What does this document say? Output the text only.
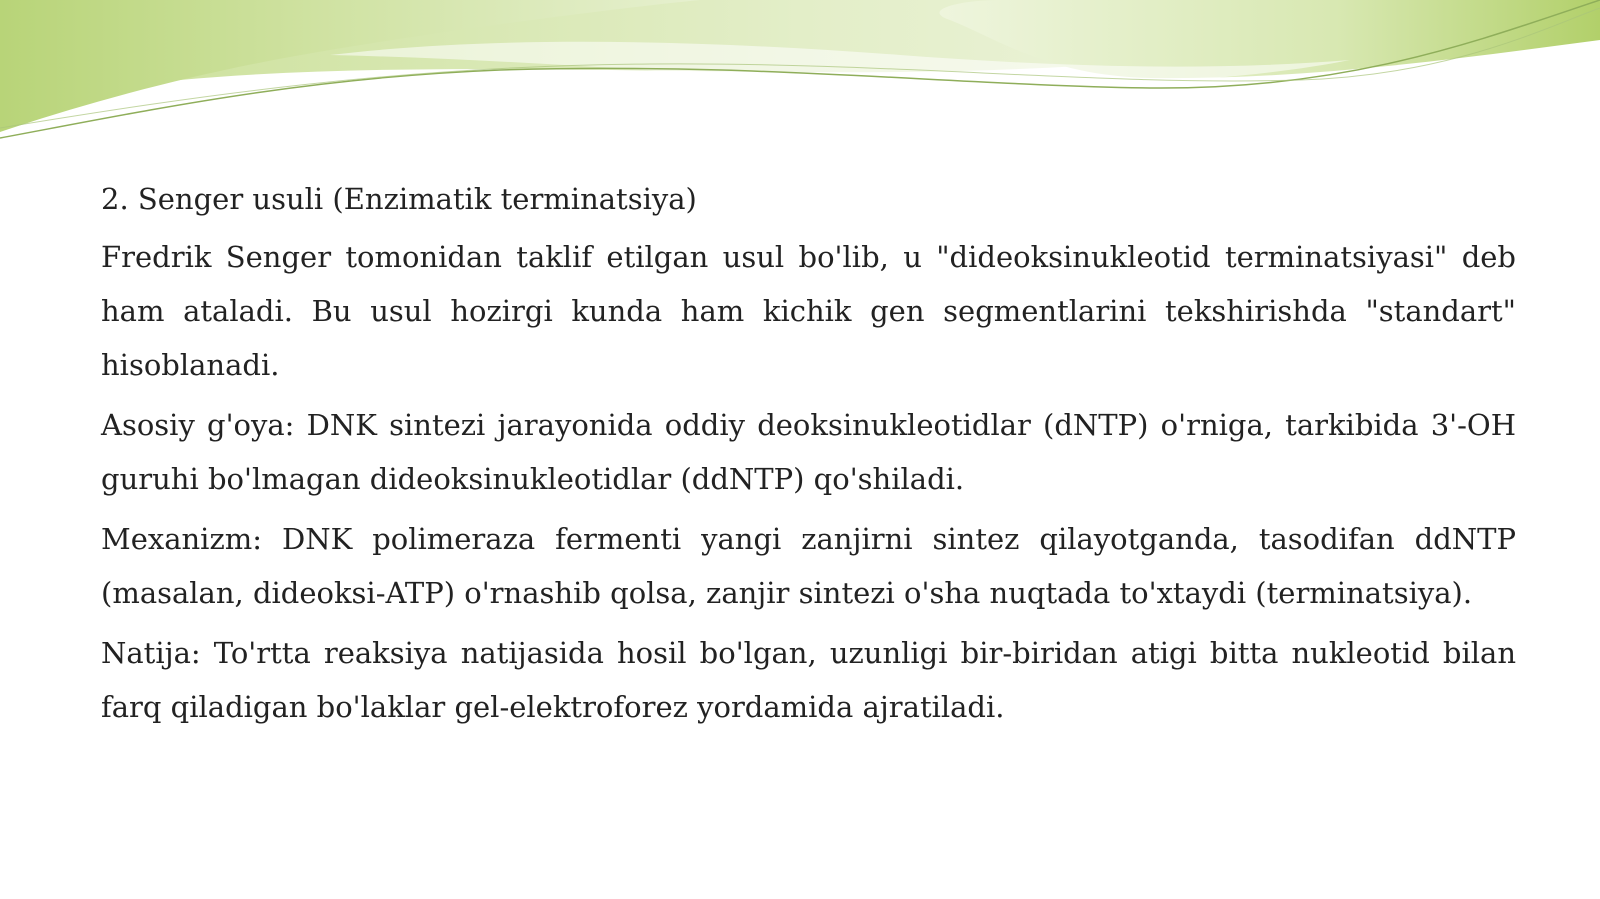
2. Senger usuli (Enzimatik terminatsiya)

Fredrik Senger tomonidan taklif etilgan usul bo'lib, u "dideoksinukleotid terminatsiyasi" deb ham ataladi. Bu usul hozirgi kunda ham kichik gen segmentlarini tekshirishda "standart" hisoblanadi.

Asosiy g'oya: DNK sintezi jarayonida oddiy deoksinukleotidlar (dNTP) o'rniga, tarkibida 3'-OH guruhi bo'lmagan dideoksinukleotidlar (ddNTP) qo'shiladi.

Mexanizm: DNK polimeraza fermenti yangi zanjirni sintez qilayotganda, tasodifan ddNTP (masalan, dideoksi-ATP) o'rnashib qolsa, zanjir sintezi o'sha nuqtada to'xtaydi (terminatsiya).

Natija: To'rtta reaksiya natijasida hosil bo'lgan, uzunligi bir-biridan atigi bitta nukleotid bilan farq qiladigan bo'laklar gel-elektroforez yordamida ajratiladi.
